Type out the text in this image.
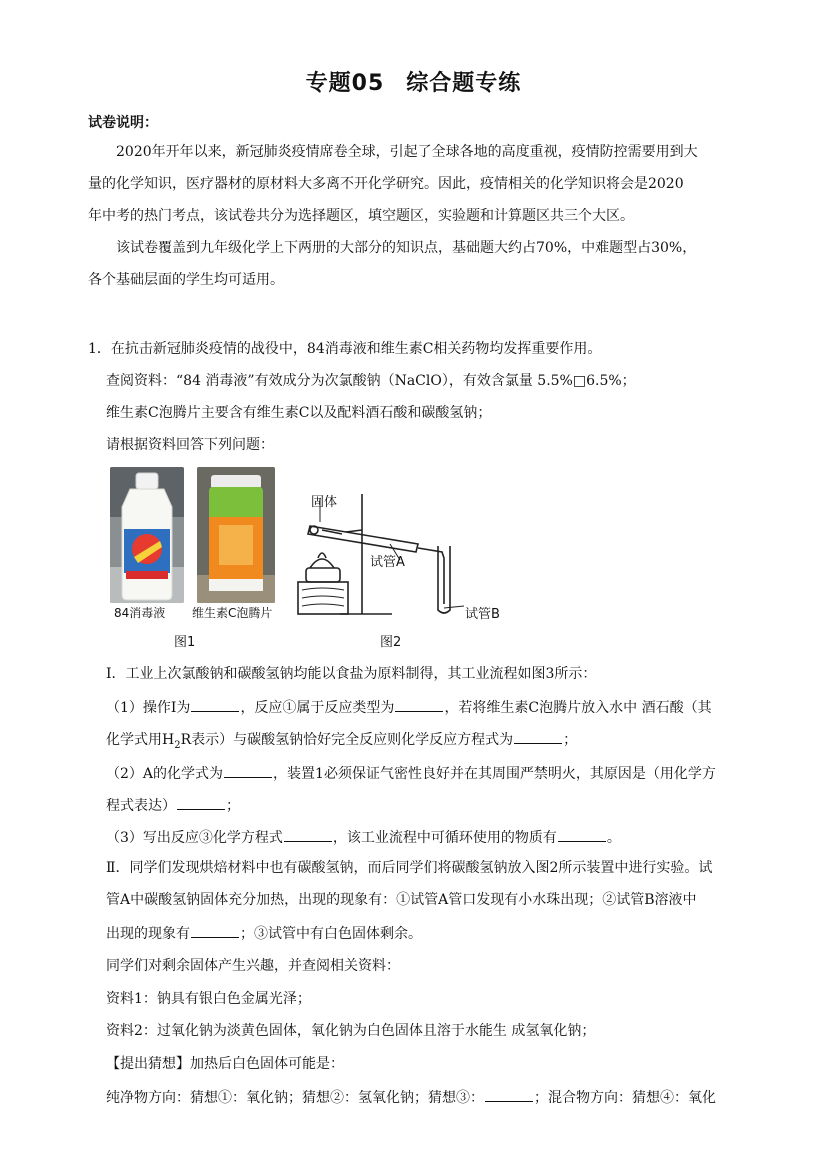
专题05 综合题专练
试卷说明：
2020年开年以来，新冠肺炎疫情席卷全球，引起了全球各地的高度重视，疫情防控需要用到大
量的化学知识，医疗器材的原材料大多离不开化学研究。因此，疫情相关的化学知识将会是2020
年中考的热门考点，该试卷共分为选择题区，填空题区，实验题和计算题区共三个大区。
该试卷覆盖到九年级化学上下两册的大部分的知识点，基础题大约占70%，中难题型占30%，
各个基础层面的学生均可适用。
1．在抗击新冠肺炎疫情的战役中，84消毒液和维生素C相关药物均发挥重要作用。
查阅资料：“84 消毒液”有效成分为次氯酸钠（NaClO），有效含氯量 5.5%□6.5%；
维生素C泡腾片主要含有维生素C以及配料酒石酸和碳酸氢钠；
请根据资料回答下列问题：
84消毒液 维生素C泡腾片
固体
试管A
试管B
图1	图2
Ⅰ．工业上次氯酸钠和碳酸氢钠均能以食盐为原料制得，其工业流程如图3所示：
（1）操作Ⅰ为	，反应①属于反应类型为	，若将维生素C泡腾片放入水中 酒石酸（其
化学式用$H_2R$表示）与碳酸氢钠恰好完全反应则化学反应方程式为	；
（2）A的化学式为	，装置1必须保证气密性良好并在其周围严禁明火，其原因是（用化学方
程式表达）	；
（3）写出反应③化学方程式	，该工业流程中可循环使用的物质有	。
Ⅱ．同学们发现烘焙材料中也有碳酸氢钠，而后同学们将碳酸氢钠放入图2所示装置中进行实验。试
管A中碳酸氢钠固体充分加热，出现的现象有：①试管A管口发现有小水珠出现；②试管B溶液中
出现的现象有	；③试管中有白色固体剩余。
同学们对剩余固体产生兴趣，并查阅相关资料：
资料1：钠具有银白色金属光泽；
资料2：过氧化钠为淡黄色固体，氧化钠为白色固体且溶于水能生 成氢氧化钠；
【提出猜想】加热后白色固体可能是：
纯净物方向：猜想①：氧化钠；猜想②：氢氧化钠；猜想③：	；混合物方向：猜想④：氧化
